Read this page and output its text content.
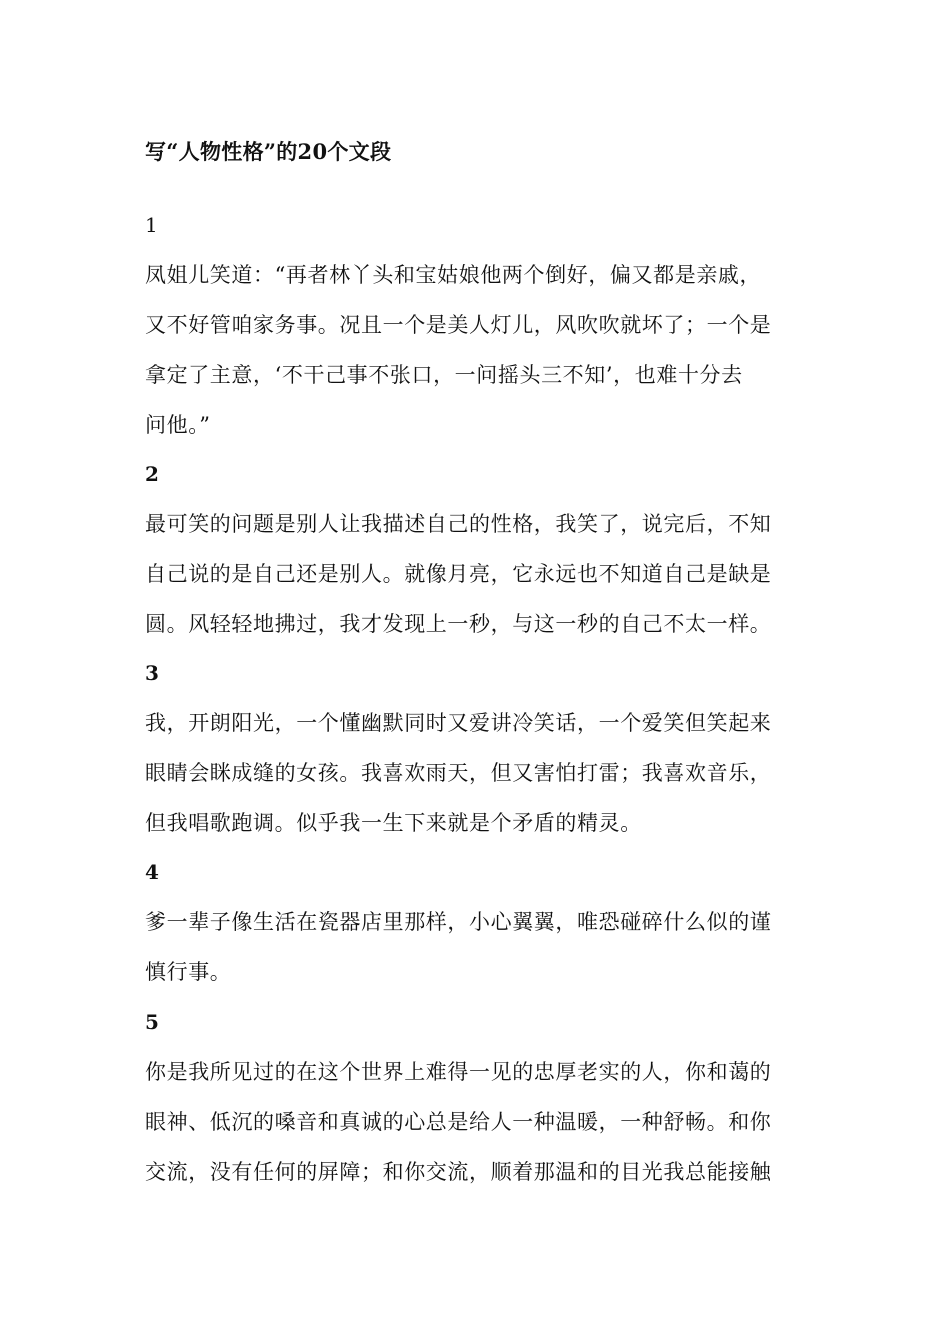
写“人物性格”的20个文段
1
凤姐儿笑道：“再者林丫头和宝姑娘他两个倒好，偏又都是亲戚，
又不好管咱家务事。况且一个是美人灯儿，风吹吹就坏了；一个是
拿定了主意，‘不干己事不张口，一问摇头三不知’，也难十分去
问他。”
2
最可笑的问题是别人让我描述自己的性格，我笑了，说完后，不知
自己说的是自己还是别人。就像月亮，它永远也不知道自己是缺是
圆。风轻轻地拂过，我才发现上一秒，与这一秒的自己不太一样。
3
我，开朗阳光，一个懂幽默同时又爱讲冷笑话，一个爱笑但笑起来
眼睛会眯成缝的女孩。我喜欢雨天，但又害怕打雷；我喜欢音乐，
但我唱歌跑调。似乎我一生下来就是个矛盾的精灵。
4
爹一辈子像生活在瓷器店里那样，小心翼翼，唯恐碰碎什么似的谨
慎行事。
5
你是我所见过的在这个世界上难得一见的忠厚老实的人，你和蔼的
眼神、低沉的嗓音和真诚的心总是给人一种温暖，一种舒畅。和你
交流，没有任何的屏障；和你交流，顺着那温和的目光我总能接触
